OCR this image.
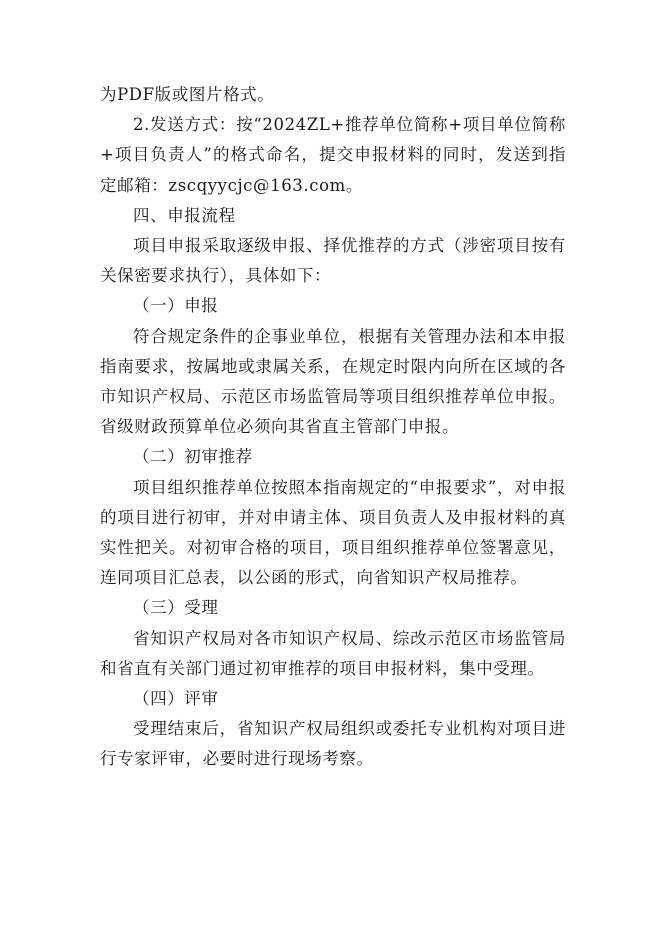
为PDF版或图片格式。

2.发送方式：按“2024ZL+推荐单位简称+项目单位简称+项目负责人”的格式命名，提交申报材料的同时，发送到指定邮箱：zscqyycjc@163.com。

四、申报流程

项目申报采取逐级申报、择优推荐的方式（涉密项目按有关保密要求执行），具体如下：

（一）申报

符合规定条件的企事业单位，根据有关管理办法和本申报指南要求，按属地或隶属关系，在规定时限内向所在区域的各市知识产权局、示范区市场监管局等项目组织推荐单位申报。省级财政预算单位必须向其省直主管部门申报。

（二）初审推荐

项目组织推荐单位按照本指南规定的“申报要求”，对申报的项目进行初审，并对申请主体、项目负责人及申报材料的真实性把关。对初审合格的项目，项目组织推荐单位签署意见，连同项目汇总表，以公函的形式，向省知识产权局推荐。

（三）受理

省知识产权局对各市知识产权局、综改示范区市场监管局和省直有关部门通过初审推荐的项目申报材料，集中受理。

（四）评审

受理结束后，省知识产权局组织或委托专业机构对项目进行专家评审，必要时进行现场考察。
